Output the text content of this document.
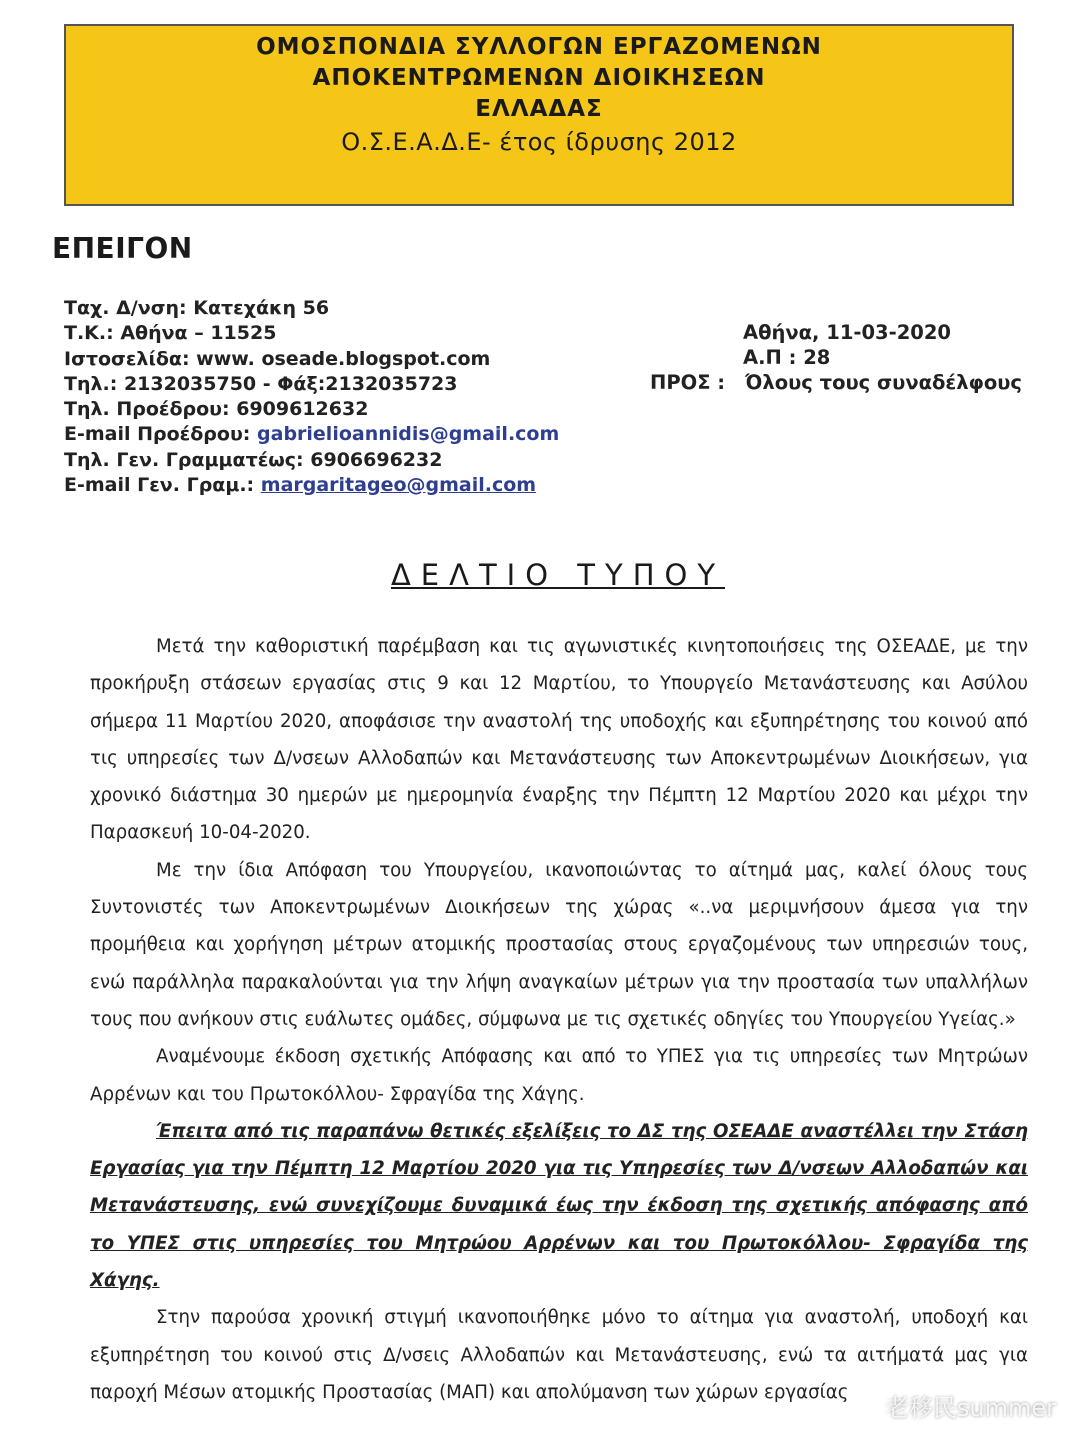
ΟΜΟΣΠΟΝΔΙΑ ΣΥΛΛΟΓΩΝ ΕΡΓΑΖΟΜΕΝΩΝ
ΑΠΟΚΕΝΤΡΩΜΕΝΩΝ ΔΙΟΙΚΗΣΕΩΝ
ΕΛΛΑΔΑΣ
Ο.Σ.Ε.Α.Δ.Ε- έτος ίδρυσης 2012
ΕΠΕΙΓΟΝ
Ταχ. Δ/νση: Κατεχάκη 56
Τ.Κ.: Αθήνα – 11525
Ιστοσελίδα: www. oseade.blogspot.com
Τηλ.: 2132035750 - Φάξ:2132035723
Τηλ. Προέδρου: 6909612632
E-mail Προέδρου: gabrielioannidis@gmail.com
Τηλ. Γεν. Γραμματέως: 6906696232
E-mail Γεν. Γραμ.: margaritageo@gmail.com
Αθήνα, 11-03-2020
Α.Π : 28
ΠΡΟΣ : Όλους τους συναδέλφους
ΔΕΛΤΙΟ ΤΥΠΟΥ

Μετά την καθοριστική παρέμβαση και τις αγωνιστικές κινητοποιήσεις της ΟΣΕΑΔΕ, με την προκήρυξη στάσεων εργασίας στις 9 και 12 Μαρτίου, το Υπουργείο Μετανάστευσης και Ασύλου σήμερα 11 Μαρτίου 2020, αποφάσισε την αναστολή της υποδοχής και εξυπηρέτησης του κοινού από τις υπηρεσίες των Δ/νσεων Αλλοδαπών και Μετανάστευσης των Αποκεντρωμένων Διοικήσεων, για χρονικό διάστημα 30 ημερών με ημερομηνία έναρξης την Πέμπτη 12 Μαρτίου 2020 και μέχρι την Παρασκευή 10-04-2020.

Με την ίδια Απόφαση του Υπουργείου, ικανοποιώντας το αίτημά μας, καλεί όλους τους Συντονιστές των Αποκεντρωμένων Διοικήσεων της χώρας «..να μεριμνήσουν άμεσα για την προμήθεια και χορήγηση μέτρων ατομικής προστασίας στους εργαζομένους των υπηρεσιών τους, ενώ παράλληλα παρακαλούνται για την λήψη αναγκαίων μέτρων για την προστασία των υπαλλήλων τους που ανήκουν στις ευάλωτες ομάδες, σύμφωνα με τις σχετικές οδηγίες του Υπουργείου Υγείας.»

Αναμένουμε έκδοση σχετικής Απόφασης και από το ΥΠΕΣ για τις υπηρεσίες των Μητρώων Αρρένων και του Πρωτοκόλλου- Σφραγίδα της Χάγης.

Έπειτα από τις παραπάνω θετικές εξελίξεις το ΔΣ της ΟΣΕΑΔΕ αναστέλλει την Στάση Εργασίας για την Πέμπτη 12 Μαρτίου 2020 για τις Υπηρεσίες των Δ/νσεων Αλλοδαπών και Μετανάστευσης, ενώ συνεχίζουμε δυναμικά έως την έκδοση της σχετικής απόφασης από το ΥΠΕΣ στις υπηρεσίες του Μητρώου Αρρένων και του Πρωτοκόλλου- Σφραγίδα της Χάγης.

Στην παρούσα χρονική στιγμή ικανοποιήθηκε μόνο το αίτημα για αναστολή, υποδοχή και εξυπηρέτηση του κοινού στις Δ/νσεις Αλλοδαπών και Μετανάστευσης, ενώ τα αιτήματά μας για παροχή Μέσων ατομικής Προστασίας (ΜΑΠ) και απολύμανση των χώρων εργασίας

老移民summer
